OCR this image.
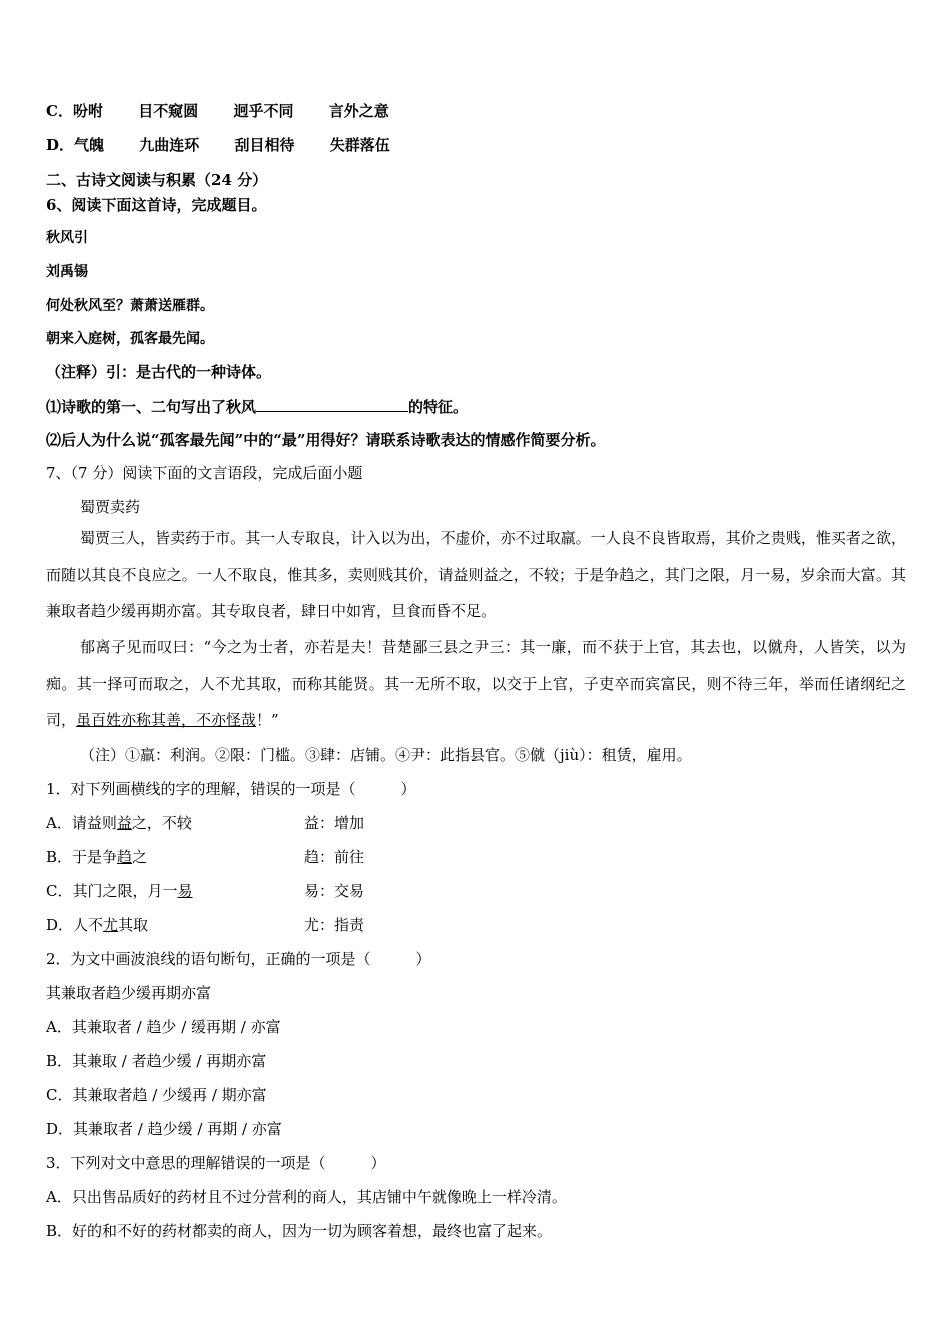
C．吩咐 目不窥圆 迥乎不同 言外之意
D．气魄 九曲连环 刮目相待 失群落伍
二、古诗文阅读与积累（24 分）
6、阅读下面这首诗，完成题目。
秋风引
刘禹锡
何处秋风至？萧萧送雁群。
朝来入庭树，孤客最先闻。
（注释）引：是古代的一种诗体。
⑴诗歌的第一、二句写出了秋风	的特征。
⑵后人为什么说“孤客最先闻”中的“最”用得好？请联系诗歌表达的情感作简要分析。
7、（7 分）阅读下面的文言语段，完成后面小题
蜀贾卖药
蜀贾三人，皆卖药于市。其一人专取良，计入以为出，不虚价，亦不过取羸。一人良不良皆取焉，其价之贵贱，惟买者之欲，而随以其良不良应之。一人不取良，惟其多，卖则贱其价，请益则益之，不较；于是争趋之，其门之限，月一易，岁余而大富。其兼取者趋少缓再期亦富。其专取良者，肆日中如宵，旦食而昏不足。
郁离子见而叹曰：“今之为士者，亦若是夫！昔楚鄙三县之尹三：其一廉，而不获于上官，其去也，以僦舟，人皆笑，以为痴。其一择可而取之，人不尤其取，而称其能贤。其一无所不取，以交于上官，子吏卒而宾富民，则不待三年，举而任诸纲纪之司，虽百姓亦称其善，不亦怪哉！”
（注）①羸：利润。②限：门槛。③肆：店铺。④尹：此指县官。⑤僦（jiù）：租赁，雇用。
1．对下列画横线的字的理解，错误的一项是（　　　）
A．请益则益之，不较	益：增加
B．于是争趋之	趋：前往
C．其门之限，月一易	易：交易
D．人不尤其取	尤：指责
2．为文中画波浪线的语句断句，正确的一项是（　　　）
其兼取者趋少缓再期亦富
A．其兼取者 / 趋少 / 缓再期 / 亦富
B．其兼取 / 者趋少缓 / 再期亦富
C．其兼取者趋 / 少缓再 / 期亦富
D．其兼取者 / 趋少缓 / 再期 / 亦富
3．下列对文中意思的理解错误的一项是（　　　）
A．只出售品质好的药材且不过分营利的商人，其店铺中午就像晚上一样冷清。
B．好的和不好的药材都卖的商人，因为一切为顾客着想，最终也富了起来。
